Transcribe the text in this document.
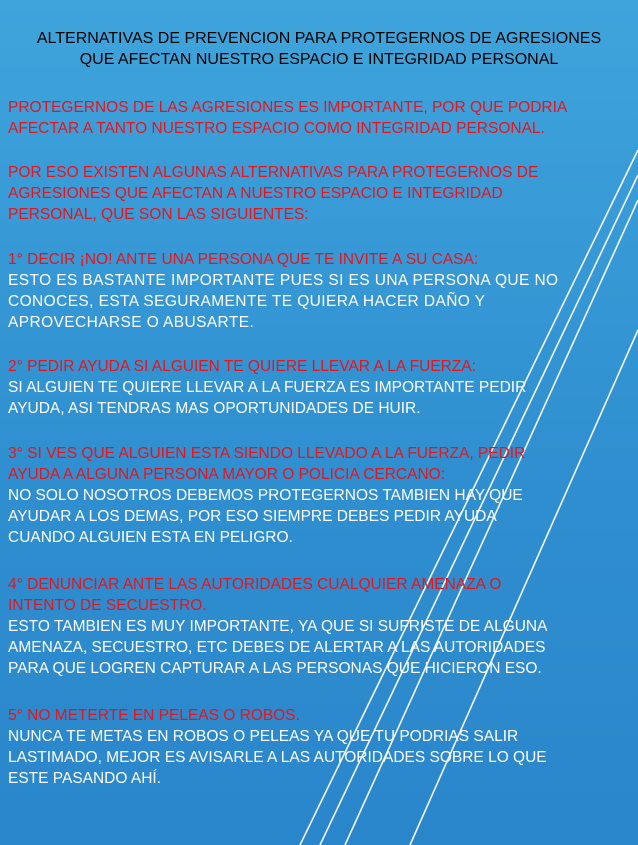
ALTERNATIVAS DE PREVENCION PARA PROTEGERNOS DE AGRESIONES
QUE AFECTAN NUESTRO ESPACIO E INTEGRIDAD PERSONAL

PROTEGERNOS DE LAS AGRESIONES ES IMPORTANTE, POR QUE PODRIA
AFECTAR A TANTO NUESTRO ESPACIO COMO INTEGRIDAD PERSONAL.

POR ESO EXISTEN ALGUNAS ALTERNATIVAS PARA PROTEGERNOS DE
AGRESIONES QUE AFECTAN A NUESTRO ESPACIO E INTEGRIDAD
PERSONAL, QUE SON LAS SIGUIENTES:

1° DECIR ¡NO! ANTE UNA PERSONA QUE TE INVITE A SU CASA:
ESTO ES BASTANTE IMPORTANTE PUES SI ES UNA PERSONA QUE NO
CONOCES, ESTA SEGURAMENTE TE QUIERA HACER DAÑO Y
APROVECHARSE O ABUSARTE.
2° PEDIR AYUDA SI ALGUIEN TE QUIERE LLEVAR A LA FUERZA:
SI ALGUIEN TE QUIERE LLEVAR A LA FUERZA ES IMPORTANTE PEDIR
AYUDA, ASI TENDRAS MAS OPORTUNIDADES DE HUIR.
3° SI VES QUE ALGUIEN ESTA SIENDO LLEVADO A LA FUERZA, PEDIR
AYUDA A ALGUNA PERSONA MAYOR O POLICIA CERCANO:
NO SOLO NOSOTROS DEBEMOS PROTEGERNOS TAMBIEN HAY QUE
AYUDAR A LOS DEMAS, POR ESO SIEMPRE DEBES PEDIR AYUDA
CUANDO ALGUIEN ESTA EN PELIGRO.
4° DENUNCIAR ANTE LAS AUTORIDADES CUALQUIER AMENAZA O
INTENTO DE SECUESTRO.
ESTO TAMBIEN ES MUY IMPORTANTE, YA QUE SI SUFRISTE DE ALGUNA
AMENAZA, SECUESTRO, ETC DEBES DE ALERTAR A LAS AUTORIDADES
PARA QUE LOGREN CAPTURAR A LAS PERSONAS QUE HICIERON ESO.
5° NO METERTE EN PELEAS O ROBOS.
NUNCA TE METAS EN ROBOS O PELEAS YA QUE TU PODRIAS SALIR
LASTIMADO, MEJOR ES AVISARLE A LAS AUTORIDADES SOBRE LO QUE
ESTE PASANDO AHÍ.
